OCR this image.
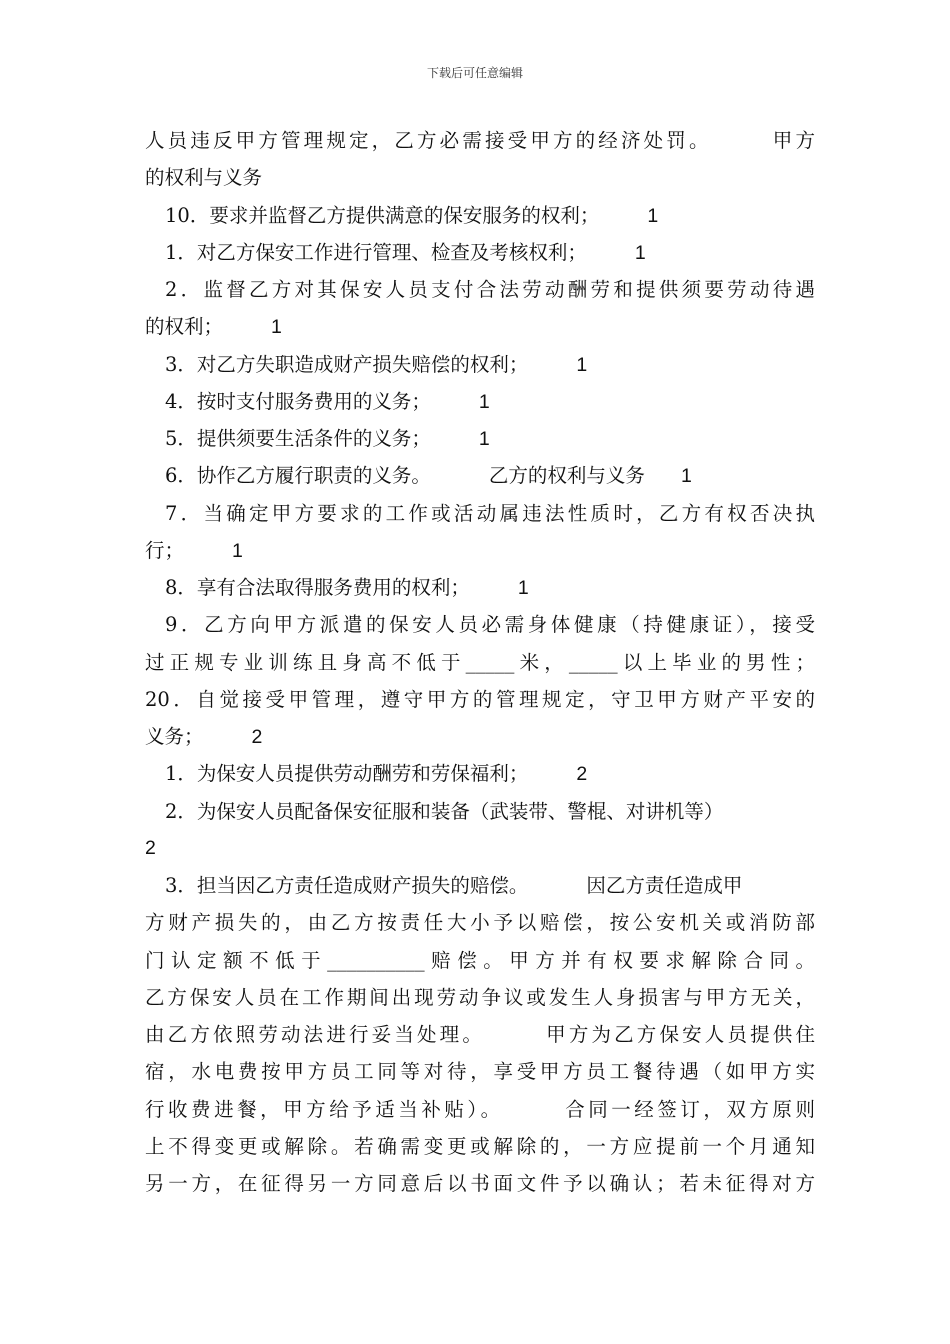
下载后可任意编辑
人员违反甲方管理规定，乙方必需接受甲方的经济处罚。	甲方
的权利与义务
10．要求并监督乙方提供满意的保安服务的权利； 1
1．对乙方保安工作进行管理、检查及考核权利； 1
2．监督乙方对其保安人员支付合法劳动酬劳和提供须要劳动待遇
的权利； 1
3．对乙方失职造成财产损失赔偿的权利； 1
4．按时支付服务费用的义务； 1
5．提供须要生活条件的义务； 1
6．协作乙方履行职责的义务。	乙方的权利与义务 1
7．当确定甲方要求的工作或活动属违法性质时，乙方有权否决执
行； 1
8．享有合法取得服务费用的权利； 1
9．乙方向甲方派遣的保安人员必需身体健康（持健康证），接受
过正规专业训练且身高不低于_____米，_____以上毕业的男性；
20．自觉接受甲管理，遵守甲方的管理规定，守卫甲方财产平安的
义务； 2
1．为保安人员提供劳动酬劳和劳保福利； 2
2．为保安人员配备保安征服和装备（武装带、警棍、对讲机等）
2
3．担当因乙方责任造成财产损失的赔偿。	因乙方责任造成甲
方财产损失的，由乙方按责任大小予以赔偿，按公安机关或消防部
门认定额不低于__________赔偿。甲方并有权要求解除合同。
乙方保安人员在工作期间出现劳动争议或发生人身损害与甲方无关，
由乙方依照劳动法进行妥当处理。	甲方为乙方保安人员提供住
宿，水电费按甲方员工同等对待，享受甲方员工餐待遇（如甲方实
行收费进餐，甲方给予适当补贴）。	合同一经签订，双方原则
上不得变更或解除。若确需变更或解除的，一方应提前一个月通知
另一方，在征得另一方同意后以书面文件予以确认；若未征得对方
